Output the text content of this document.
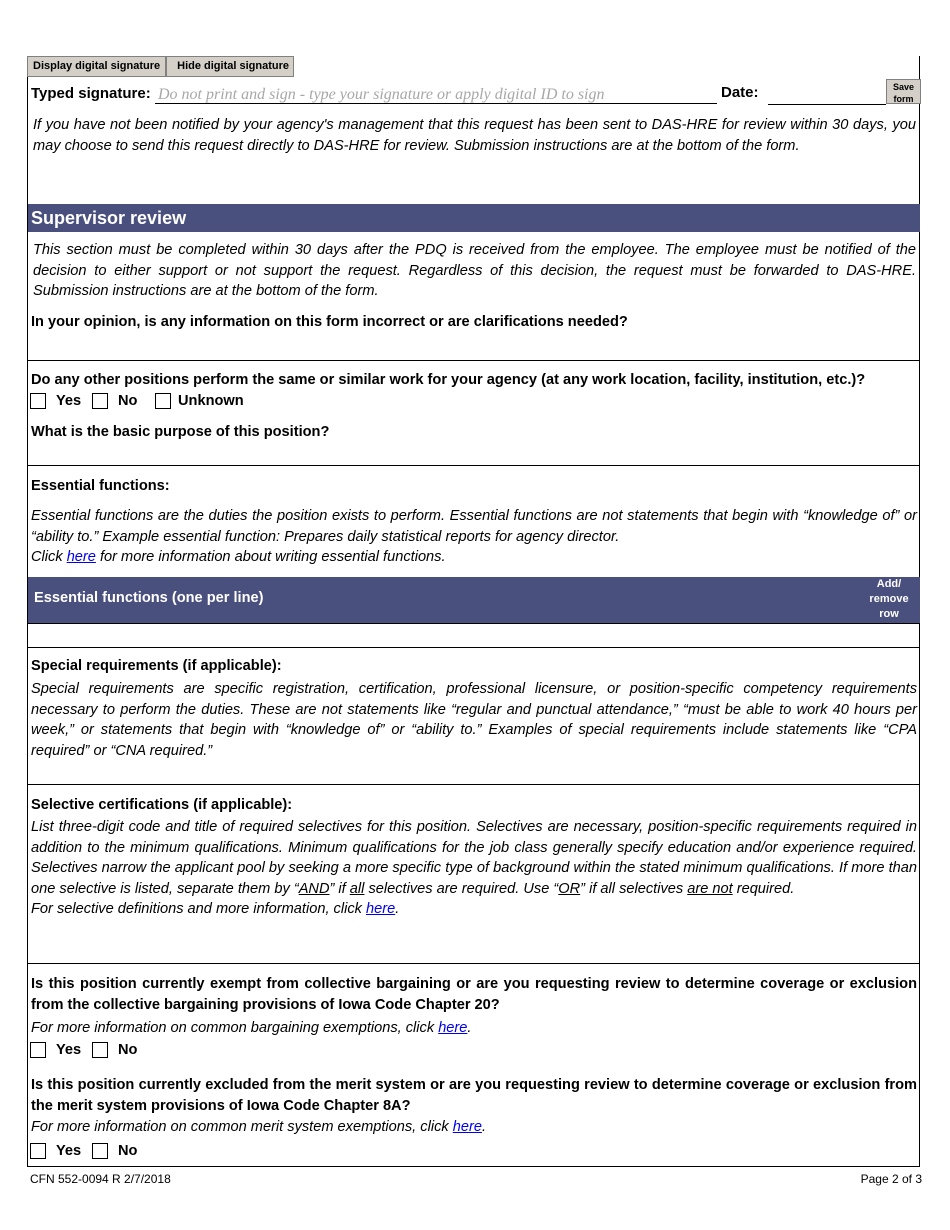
Display digital signature	Hide digital signature
Typed signature: Do not print and sign - type your signature or apply digital ID to sign	Date:	Save
form
If you have not been notified by your agency's management that this request has been sent to DAS-HRE for review within 30 days, you may choose to send this request directly to DAS-HRE for review. Submission instructions are at the bottom of the form.
Supervisor review
This section must be completed within 30 days after the PDQ is received from the employee. The employee must be notified of the decision to either support or not support the request. Regardless of this decision, the request must be forwarded to DAS-HRE. Submission instructions are at the bottom of the form.
In your opinion, is any information on this form incorrect or are clarifications needed?
Do any other positions perform the same or similar work for your agency (at any work location, facility, institution, etc.)?
Yes	No	Unknown
What is the basic purpose of this position?
Essential functions:
Essential functions are the duties the position exists to perform. Essential functions are not statements that begin with “knowledge of” or “ability to.” Example essential function: Prepares daily statistical reports for agency director.
Click here for more information about writing essential functions.
Essential functions (one per line)
Add/
remove
row
Special requirements (if applicable):
Special requirements are specific registration, certification, professional licensure, or position-specific competency requirements necessary to perform the duties. These are not statements like “regular and punctual attendance,” “must be able to work 40 hours per week,” or statements that begin with “knowledge of” or “ability to.” Examples of special requirements include statements like “CPA required” or “CNA required.”
Selective certifications (if applicable):
List three-digit code and title of required selectives for this position. Selectives are necessary, position-specific requirements required in addition to the minimum qualifications. Minimum qualifications for the job class generally specify education and/or experience required. Selectives narrow the applicant pool by seeking a more specific type of background within the stated minimum qualifications. If more than one selective is listed, separate them by “AND” if all selectives are required. Use “OR” if all selectives are not required.
For selective definitions and more information, click here.
Is this position currently exempt from collective bargaining or are you requesting review to determine coverage or exclusion from the collective bargaining provisions of Iowa Code Chapter 20?
For more information on common bargaining exemptions, click here.
Yes	No
Is this position currently excluded from the merit system or are you requesting review to determine coverage or exclusion from the merit system provisions of Iowa Code Chapter 8A?
For more information on common merit system exemptions, click here.
Yes	No
CFN 552-0094 R 2/7/2018	Page 2 of 3
